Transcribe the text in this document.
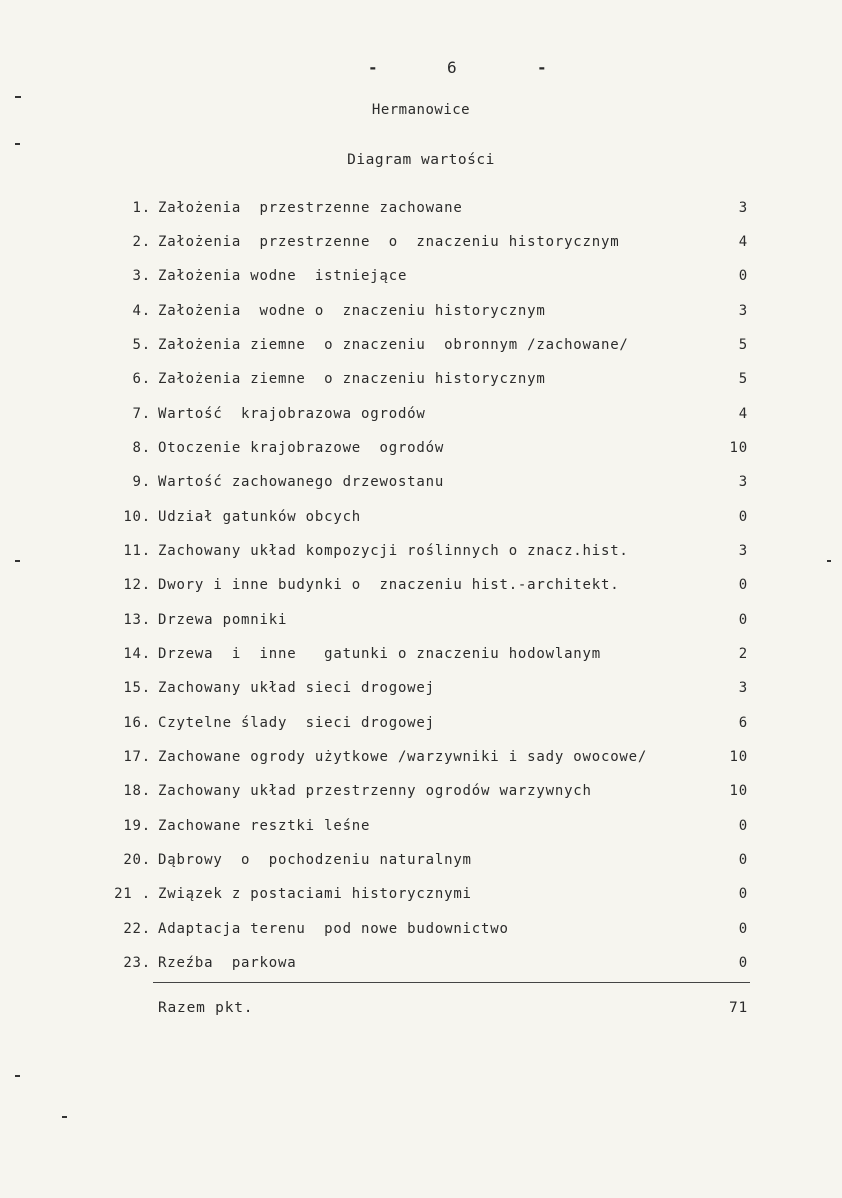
-	6	-
Hermanowice
Diagram wartości
1. Założenia  przestrzenne zachowane	3
2. Założenia  przestrzenne  o  znaczeniu historycznym	4
3. Założenia wodne  istniejące	0
4. Założenia  wodne o  znaczeniu historycznym	3
5. Założenia ziemne  o znaczeniu  obronnym /zachowane/	5
6. Założenia ziemne  o znaczeniu historycznym	5
7. Wartość  krajobrazowa ogrodów	4
8. Otoczenie krajobrazowe  ogrodów	10
9. Wartość zachowanego drzewostanu	3
10. Udział gatunków obcych	0
11. Zachowany układ kompozycji roślinnych o znacz.hist.	3
12. Dwory i inne budynki o  znaczeniu hist.-architekt.	0
13. Drzewa pomniki	0
14. Drzewa  i  inne   gatunki o znaczeniu hodowlanym	2
15. Zachowany układ sieci drogowej	3
16. Czytelne ślady  sieci drogowej	6
17. Zachowane ogrody użytkowe /warzywniki i sady owocowe/	10
18. Zachowany układ przestrzenny ogrodów warzywnych	10
19. Zachowane resztki leśne	0
20. Dąbrowy  o  pochodzeniu naturalnym	0
21 . Związek z postaciami historycznymi	0
22. Adaptacja terenu  pod nowe budownictwo	0
23. Rzeźba  parkowa	0
Razem pkt.	71
